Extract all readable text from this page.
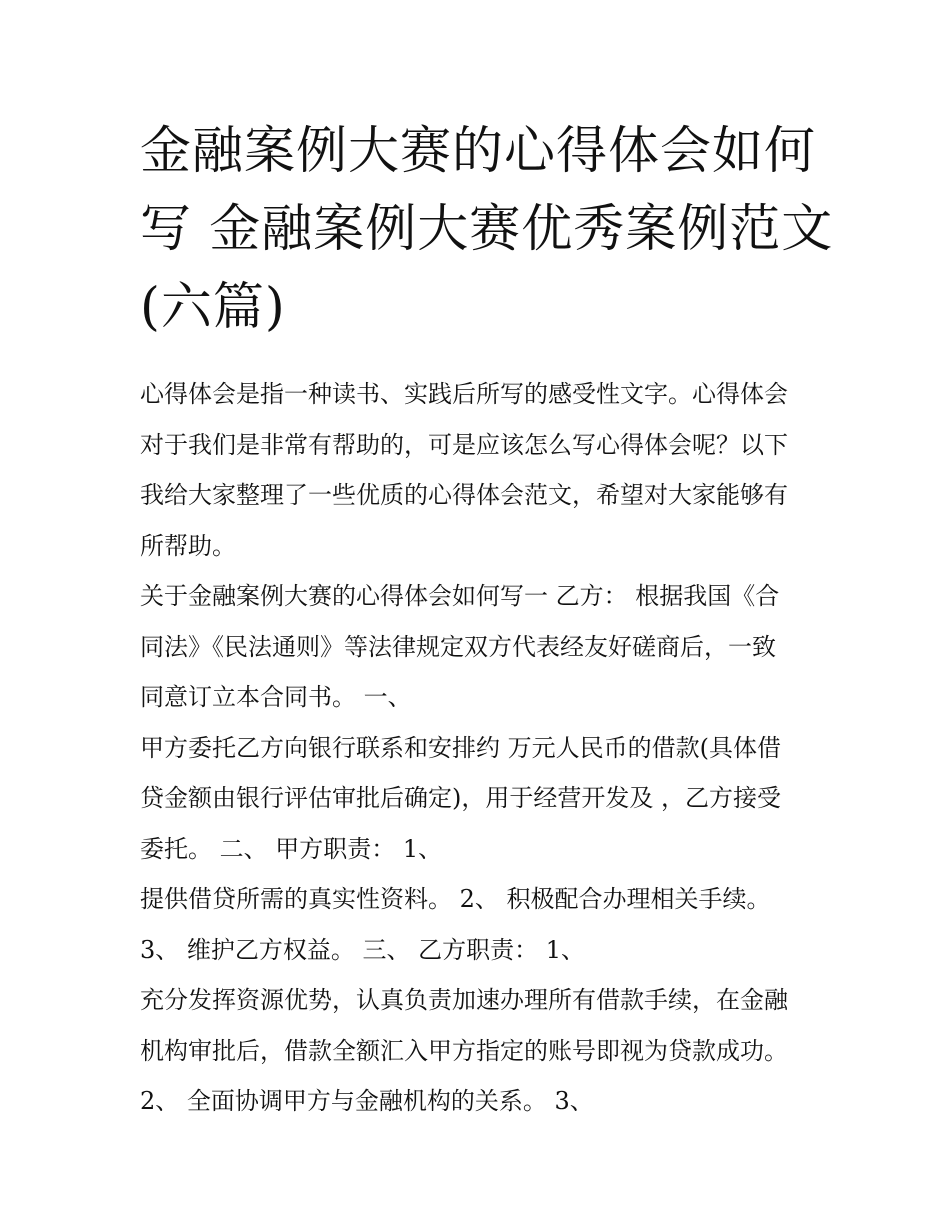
金融案例大赛的心得体会如何
写 金融案例大赛优秀案例范文
(六篇)
心得体会是指一种读书、实践后所写的感受性文字。心得体会
对于我们是非常有帮助的，可是应该怎么写心得体会呢？以下
我给大家整理了一些优质的心得体会范文，希望对大家能够有
所帮助。
关于金融案例大赛的心得体会如何写一 乙方： 根据我国《合
同法》《民法通则》等法律规定双方代表经友好磋商后，一致
同意订立本合同书。 一、
甲方委托乙方向银行联系和安排约 万元人民币的借款(具体借
贷金额由银行评估审批后确定)，用于经营开发及 ，乙方接受
委托。 二、 甲方职责： 1、
提供借贷所需的真实性资料。 2、 积极配合办理相关手续。
3、 维护乙方权益。 三、 乙方职责： 1、
充分发挥资源优势，认真负责加速办理所有借款手续，在金融
机构审批后，借款全额汇入甲方指定的账号即视为贷款成功。
2、 全面协调甲方与金融机构的关系。 3、
